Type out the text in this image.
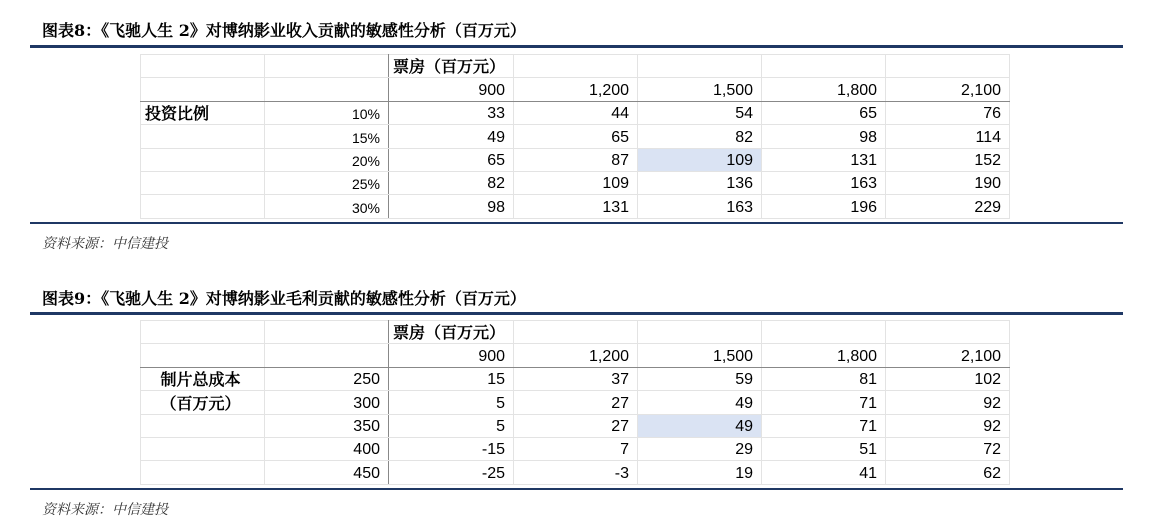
图表8：《飞驰人生 2》对博纳影业收入贡献的敏感性分析（百万元）
		票房（百万元）				
		900	1,200	1,500	1,800	2,100
投资比例	10%	33	44	54	65	76
	15%	49	65	82	98	114
	20%	65	87	109	131	152
	25%	82	109	136	163	190
	30%	98	131	163	196	229
资料来源：中信建投
图表9：《飞驰人生 2》对博纳影业毛利贡献的敏感性分析（百万元）
		票房（百万元）				
		900	1,200	1,500	1,800	2,100
制片总成本	250	15	37	59	81	102
（百万元）	300	5	27	49	71	92
	350	5	27	49	71	92
	400	-15	7	29	51	72
	450	-25	-3	19	41	62
资料来源：中信建投
